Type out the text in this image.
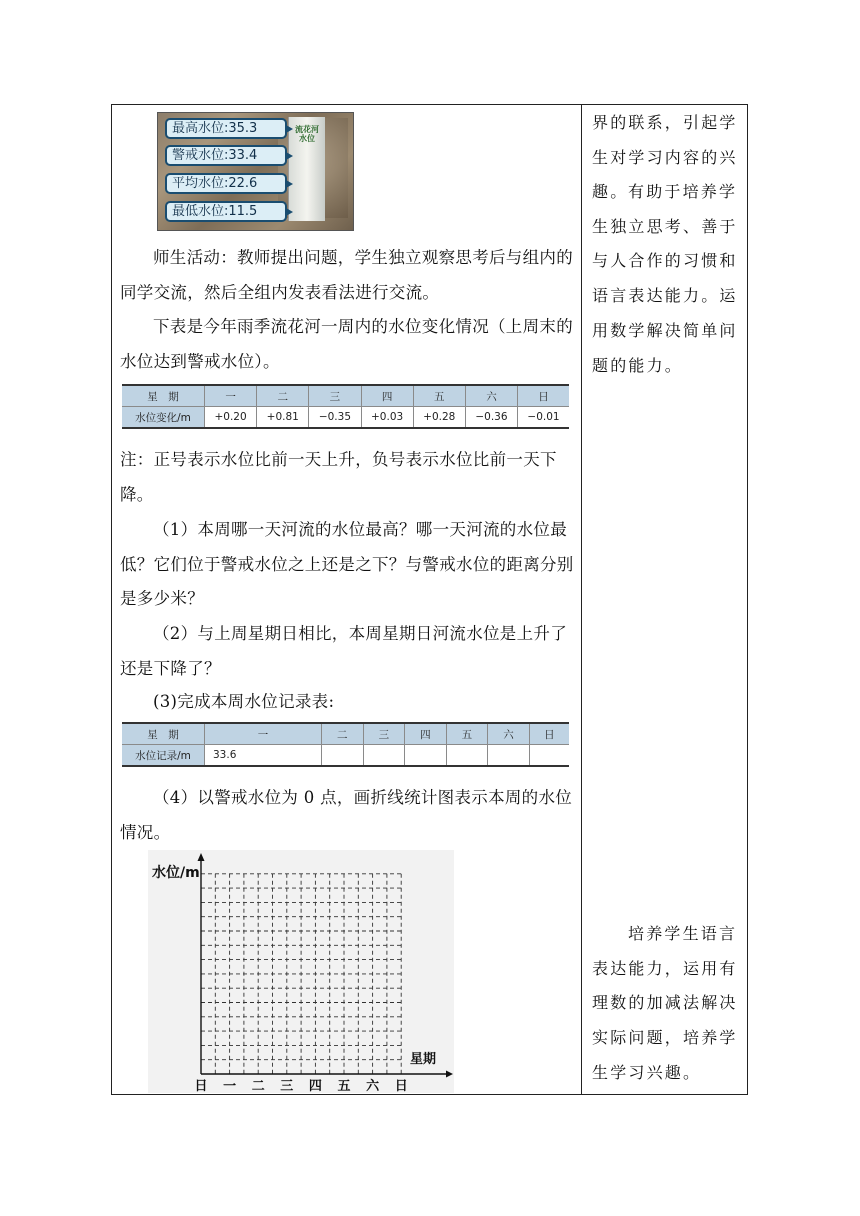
流花河水位
最高水位:35.3
警戒水位:33.4
平均水位:22.6
最低水位:11.5
师生活动：教师提出问题，学生独立观察思考后与组内的同学交流，然后全组内发表看法进行交流。
下表是今年雨季流花河一周内的水位变化情况（上周末的水位达到警戒水位）。
星　期	一	二	三	四	五	六	日
水位变化/m	+0.20	+0.81	−0.35	+0.03	+0.28	−0.36	−0.01
注：正号表示水位比前一天上升，负号表示水位比前一天下降。
（1）本周哪一天河流的水位最高？哪一天河流的水位最低？它们位于警戒水位之上还是之下？与警戒水位的距离分别是多少米？
（2）与上周星期日相比，本周星期日河流水位是上升了还是下降了？
(3)完成本周水位记录表:
星　期	一	二	三	四	五	六	日
水位记录/m	33.6						
（4）以警戒水位为 0 点，画折线统计图表示本周的水位情况。
水位/m
星期
日 一 二 三 四 五 六 日
界的联系，引起学生对学习内容的兴趣。 有助于培养学生独立思考、善于与人合作的习惯和语言表达能力。运用数学解决简单问题的能力。
培养学生语言表达能力，运用有理数的加减法解决实际问题，培养学生学习兴趣。
